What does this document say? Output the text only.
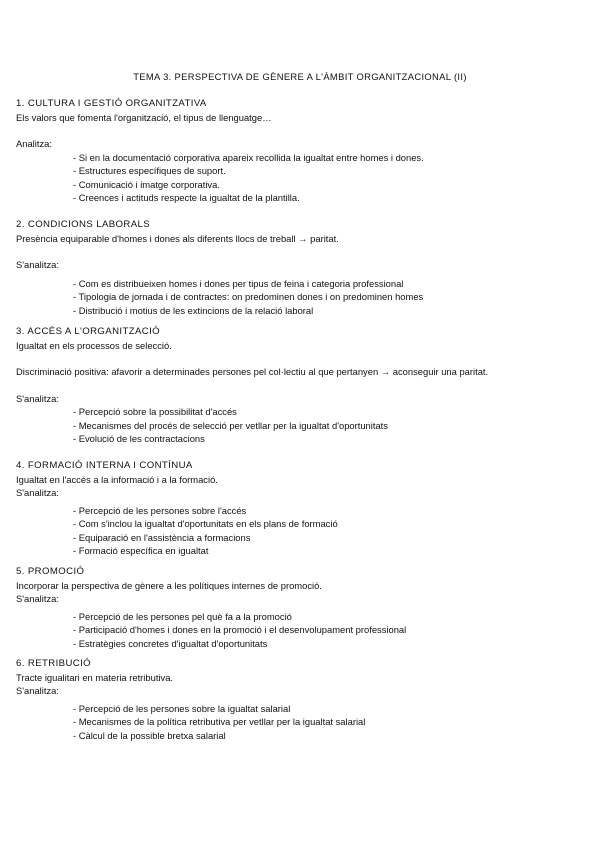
TEMA 3. PERSPECTIVA DE GÈNERE A L'ÀMBIT ORGANITZACIONAL (II)
1. CULTURA I GESTIÓ ORGANITZATIVA

Els valors que fomenta l'organització, el tipus de llenguatge…

Analitza:

- Si en la documentació corporativa apareix recollida la igualtat entre homes i dones.
- Estructures específiques de suport.
- Comunicació i imatge corporativa.
- Creences i actituds respecte la igualtat de la plantilla.
2. CONDICIONS LABORALS

Presència equiparable d'homes i dones als diferents llocs de treball → paritat.

S'analitza:

- Com es distribueixen homes i dones per tipus de feina i categoria professional
- Tipologia de jornada i de contractes: on predominen dones i on predominen homes
- Distribució i motius de les extincions de la relació laboral
3. ACCÉS A L'ORGANITZACIÓ

Igualtat en els processos de selecció.

Discriminació positiva: afavorir a determinades persones pel col·lectiu al que pertanyen → aconseguir una paritat.

S'analitza:

- Percepció sobre la possibilitat d'accés
- Mecanismes del procés de selecció per vetllar per la igualtat d'oportunitats
- Evolució de les contractacions
4. FORMACIÓ INTERNA I CONTÍNUA

Igualtat en l'accés a la informació i a la formació.

S'analitza:

- Percepció de les persones sobre l'accés
- Com s'inclou la igualtat d'oportunitats en els plans de formació
- Equiparació en l'assistència a formacions
- Formació específica en igualtat
5. PROMOCIÓ

Incorporar la perspectiva de gènere a les polítiques internes de promoció.

S'analitza:

- Percepció de les persones pel què fa a la promoció
- Participació d'homes i dones en la promoció i el desenvolupament professional
- Estratègies concretes d'igualtat d'oportunitats
6. RETRIBUCIÓ

Tracte igualitari en materia retributiva.

S'analitza:

- Percepció de les persones sobre la igualtat salarial
- Mecanismes de la política retributiva per vetllar per la igualtat salarial
- Càlcul de la possible bretxa salarial
